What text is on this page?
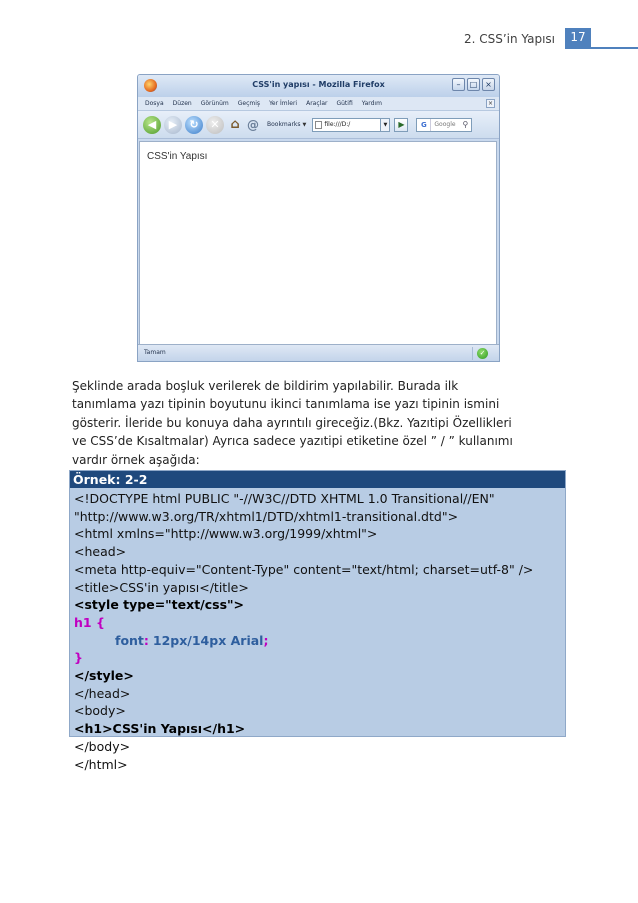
2. CSS’in Yapısı	17
CSS'in yapısı - Mozilla Firefox	–	□ ×
Dosya Düzen Görünüm Geçmiş Yer İmleri Araçlar Gütifi Yardım	×
◀	▶	↻	✕ ⌂ @ Bookmarks ▼	file:///D:/	▼	▶	G	Google ⚲
CSS'in Yapısı
Tamam	✓
Şeklinde arada boşluk verilerek de bildirim yapılabilir. Burada ilk
tanımlama yazı tipinin boyutunu ikinci tanımlama ise yazı tipinin ismini
gösterir. İleride bu konuya daha ayrıntılı gireceğiz.(Bkz. Yazıtipi Özellikleri
ve CSS’de Kısaltmalar) Ayrıca sadece yazıtipi etiketine özel ” / ” kullanımı
vardır örnek aşağıda:
Örnek: 2-2
<!DOCTYPE html PUBLIC "-//W3C//DTD XHTML 1.0 Transitional//EN"
"http://www.w3.org/TR/xhtml1/DTD/xhtml1-transitional.dtd">
<html xmlns="http://www.w3.org/1999/xhtml">
<head>
<meta http-equiv="Content-Type" content="text/html; charset=utf-8" />
<title>CSS'in yapısı</title>
<style type="text/css">
h1 {
font: 12px/14px Arial;
}
</style>
</head>
<body>
<h1>CSS'in Yapısı</h1>
</body>
</html>
